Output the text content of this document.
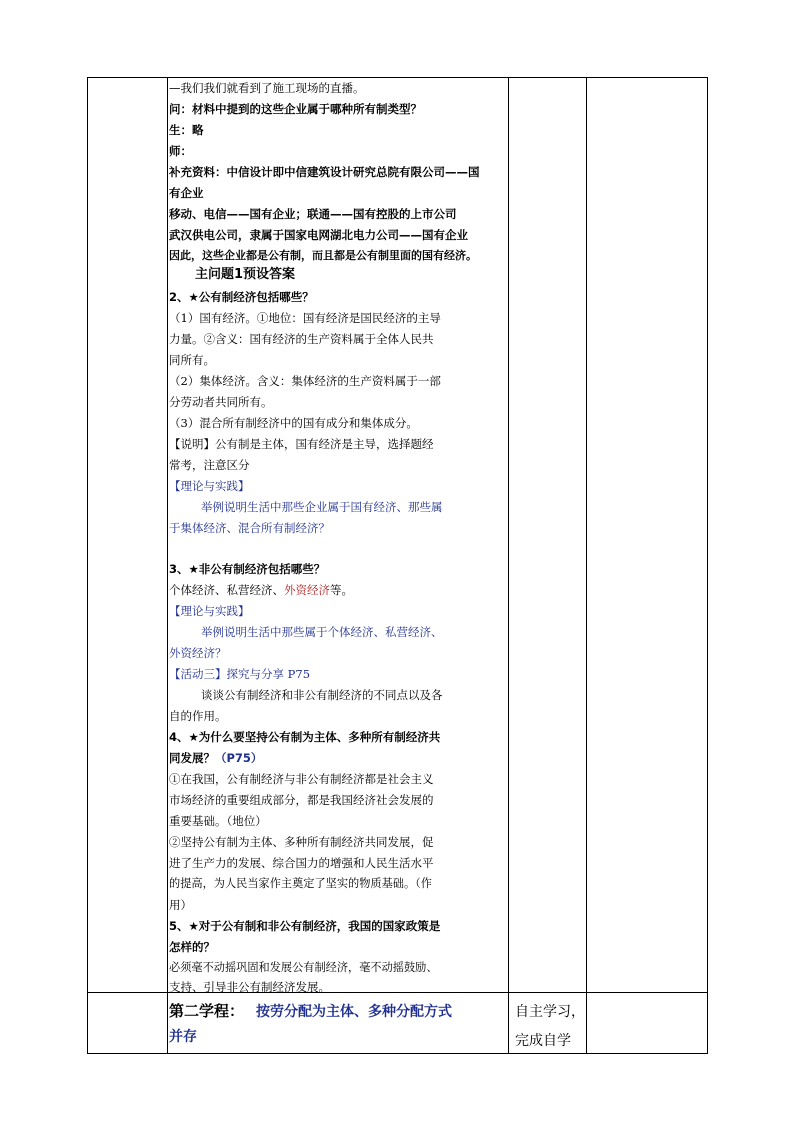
—我们我们就看到了施工现场的直播。
问：材料中提到的这些企业属于哪种所有制类型？
生：略
师：
补充资料：中信设计即中信建筑设计研究总院有限公司——国
有企业
移动、电信——国有企业；联通——国有控股的上市公司
武汉供电公司，隶属于国家电网湖北电力公司——国有企业
因此，这些企业都是公有制，而且都是公有制里面的国有经济。
主问题1预设答案
2、★公有制经济包括哪些？
（1）国有经济。①地位：国有经济是国民经济的主导
力量。②含义：国有经济的生产资料属于全体人民共
同所有。
（2）集体经济。含义：集体经济的生产资料属于一部
分劳动者共同所有。
（3）混合所有制经济中的国有成分和集体成分。
【说明】公有制是主体，国有经济是主导，选择题经
常考，注意区分
【理论与实践】
举例说明生活中那些企业属于国有经济、那些属
于集体经济、混合所有制经济？
3、★非公有制经济包括哪些？
个体经济、私营经济、外资经济等。
【理论与实践】
举例说明生活中那些属于个体经济、私营经济、
外资经济？
【活动三】探究与分享 P75
谈谈公有制经济和非公有制经济的不同点以及各
自的作用。
4、★为什么要坚持公有制为主体、多种所有制经济共
同发展？（P75）
①在我国，公有制经济与非公有制经济都是社会主义
市场经济的重要组成部分，都是我国经济社会发展的
重要基础。（地位）
②坚持公有制为主体、多种所有制经济共同发展，促
进了生产力的发展、综合国力的增强和人民生活水平
的提高，为人民当家作主奠定了坚实的物质基础。（作
用）
5、★对于公有制和非公有制经济，我国的国家政策是
怎样的？
必须毫不动摇巩固和发展公有制经济，毫不动摇鼓励、
支持、引导非公有制经济发展。
第二学程： 按劳分配为主体、多种分配方式
并存
自主学习，
完成自学
